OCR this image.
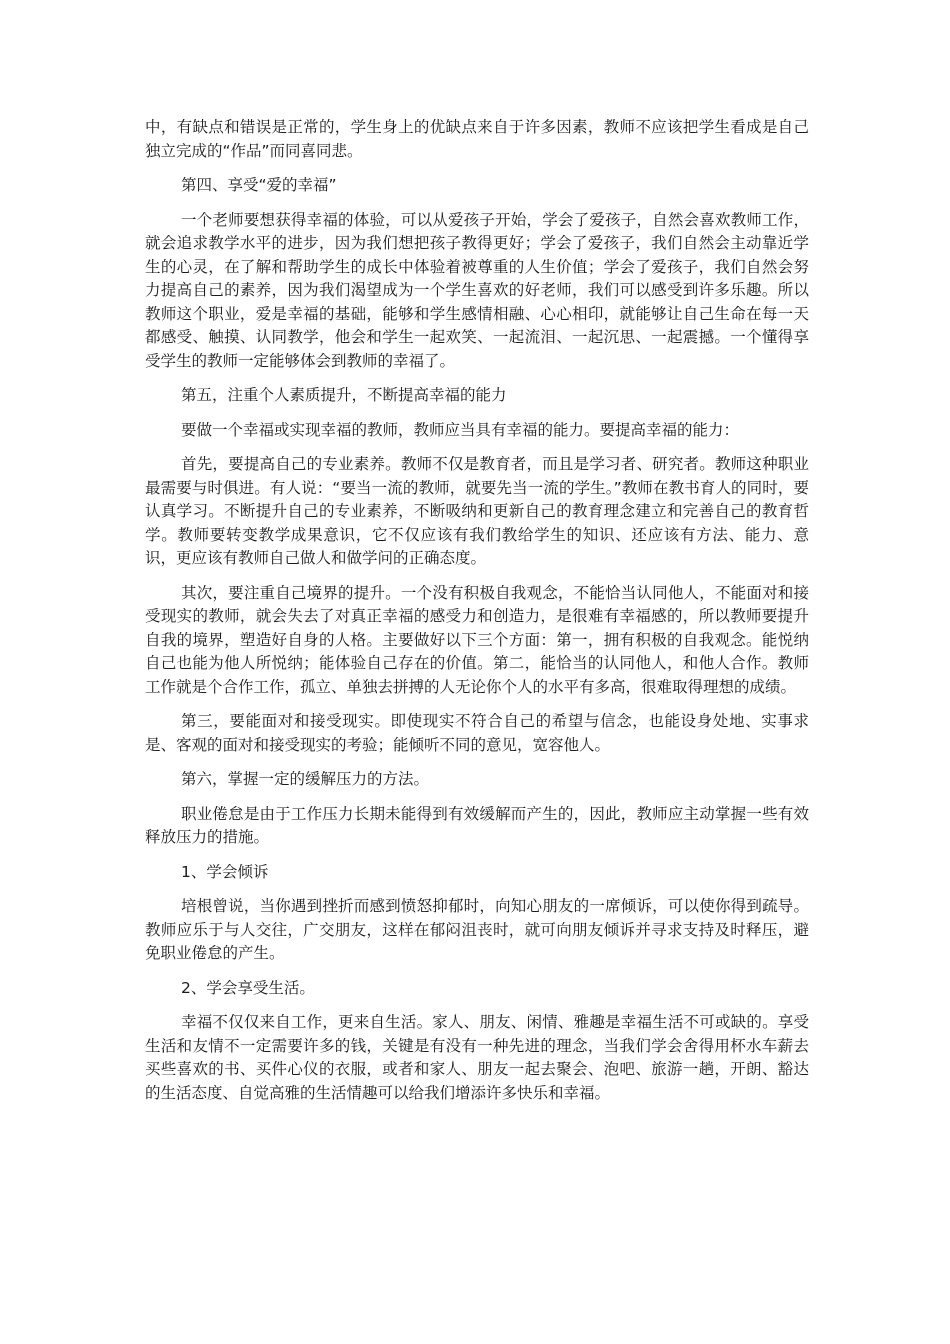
中，有缺点和错误是正常的，学生身上的优缺点来自于许多因素，教师不应该把学生看成是自己独立完成的“作品”而同喜同悲。

第四、享受“爱的幸福”

一个老师要想获得幸福的体验，可以从爱孩子开始，学会了爱孩子，自然会喜欢教师工作，就会追求教学水平的进步，因为我们想把孩子教得更好；学会了爱孩子，我们自然会主动靠近学生的心灵，在了解和帮助学生的成长中体验着被尊重的人生价值；学会了爱孩子，我们自然会努力提高自己的素养，因为我们渴望成为一个学生喜欢的好老师，我们可以感受到许多乐趣。所以教师这个职业，爱是幸福的基础，能够和学生感情相融、心心相印，就能够让自己生命在每一天都感受、触摸、认同教学，他会和学生一起欢笑、一起流泪、一起沉思、一起震撼。一个懂得享受学生的教师一定能够体会到教师的幸福了。

第五，注重个人素质提升，不断提高幸福的能力

要做一个幸福或实现幸福的教师，教师应当具有幸福的能力。要提高幸福的能力：

首先，要提高自己的专业素养。教师不仅是教育者，而且是学习者、研究者。教师这种职业最需要与时俱进。有人说：“要当一流的教师，就要先当一流的学生。”教师在教书育人的同时，要认真学习。不断提升自己的专业素养，不断吸纳和更新自己的教育理念建立和完善自己的教育哲学。教师要转变教学成果意识，它不仅应该有我们教给学生的知识、还应该有方法、能力、意识，更应该有教师自己做人和做学问的正确态度。

其次，要注重自己境界的提升。一个没有积极自我观念，不能恰当认同他人，不能面对和接受现实的教师，就会失去了对真正幸福的感受力和创造力，是很难有幸福感的，所以教师要提升自我的境界，塑造好自身的人格。主要做好以下三个方面：第一，拥有积极的自我观念。能悦纳自己也能为他人所悦纳；能体验自己存在的价值。第二，能恰当的认同他人，和他人合作。教师工作就是个合作工作，孤立、单独去拼搏的人无论你个人的水平有多高，很难取得理想的成绩。

第三，要能面对和接受现实。即使现实不符合自己的希望与信念，也能设身处地、实事求是、客观的面对和接受现实的考验；能倾听不同的意见，宽容他人。

第六，掌握一定的缓解压力的方法。

职业倦怠是由于工作压力长期未能得到有效缓解而产生的，因此，教师应主动掌握一些有效释放压力的措施。

1、学会倾诉

培根曾说，当你遇到挫折而感到愤怒抑郁时，向知心朋友的一席倾诉，可以使你得到疏导。教师应乐于与人交往，广交朋友，这样在郁闷沮丧时，就可向朋友倾诉并寻求支持及时释压，避免职业倦怠的产生。

2、学会享受生活。

幸福不仅仅来自工作，更来自生活。家人、朋友、闲情、雅趣是幸福生活不可或缺的。享受生活和友情不一定需要许多的钱，关键是有没有一种先进的理念，当我们学会舍得用杯水车薪去买些喜欢的书、买件心仪的衣服，或者和家人、朋友一起去聚会、泡吧、旅游一趟，开朗、豁达的生活态度、自觉高雅的生活情趣可以给我们增添许多快乐和幸福。
